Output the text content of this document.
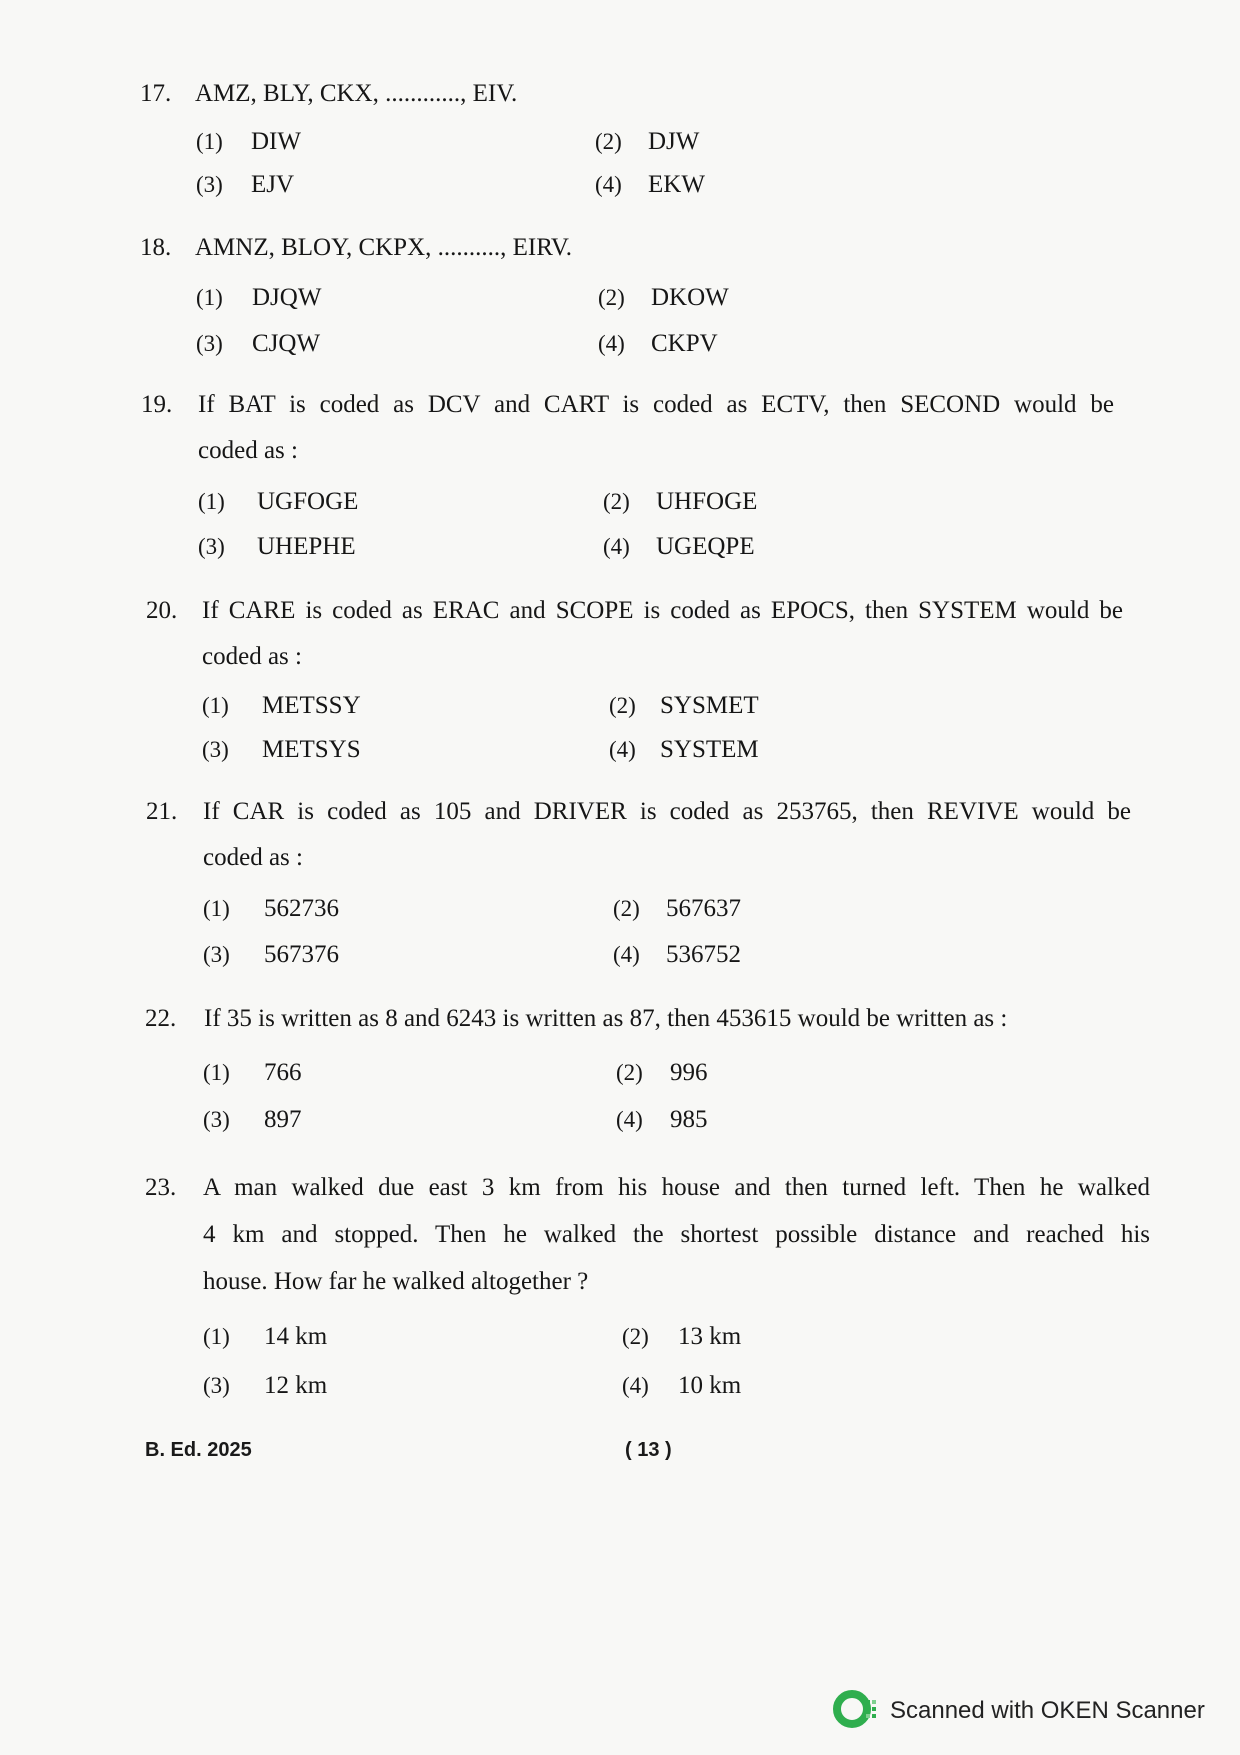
17. AMZ, BLY, CKX, ............, EIV.
(1) DIW	(2) DJW
(3) EJV	(4) EKW
18. AMNZ, BLOY, CKPX, .........., EIRV.
(1) DJQW	(2) DKOW
(3) CJQW	(4) CKPV
19. If BAT is coded as DCV and CART is coded as ECTV, then SECOND would be
coded as :
(1) UGFOGE	(2) UHFOGE
(3) UHEPHE	(4) UGEQPE
20. If CARE is coded as ERAC and SCOPE is coded as EPOCS, then SYSTEM would be
coded as :
(1) METSSY	(2) SYSMET
(3) METSYS	(4) SYSTEM
21. If CAR is coded as 105 and DRIVER is coded as 253765, then REVIVE would be
coded as :
(1) 562736	(2) 567637
(3) 567376	(4) 536752
22. If 35 is written as 8 and 6243 is written as 87, then 453615 would be written as :
(1) 766	(2) 996
(3) 897	(4) 985
23. A man walked due east 3 km from his house and then turned left. Then he walked
4 km and stopped. Then he walked the shortest possible distance and reached his
house. How far he walked altogether ?
(1) 14 km	(2) 13 km
(3) 12 km	(4) 10 km
B. Ed. 2025	( 13 )
Scanned with OKEN Scanner
